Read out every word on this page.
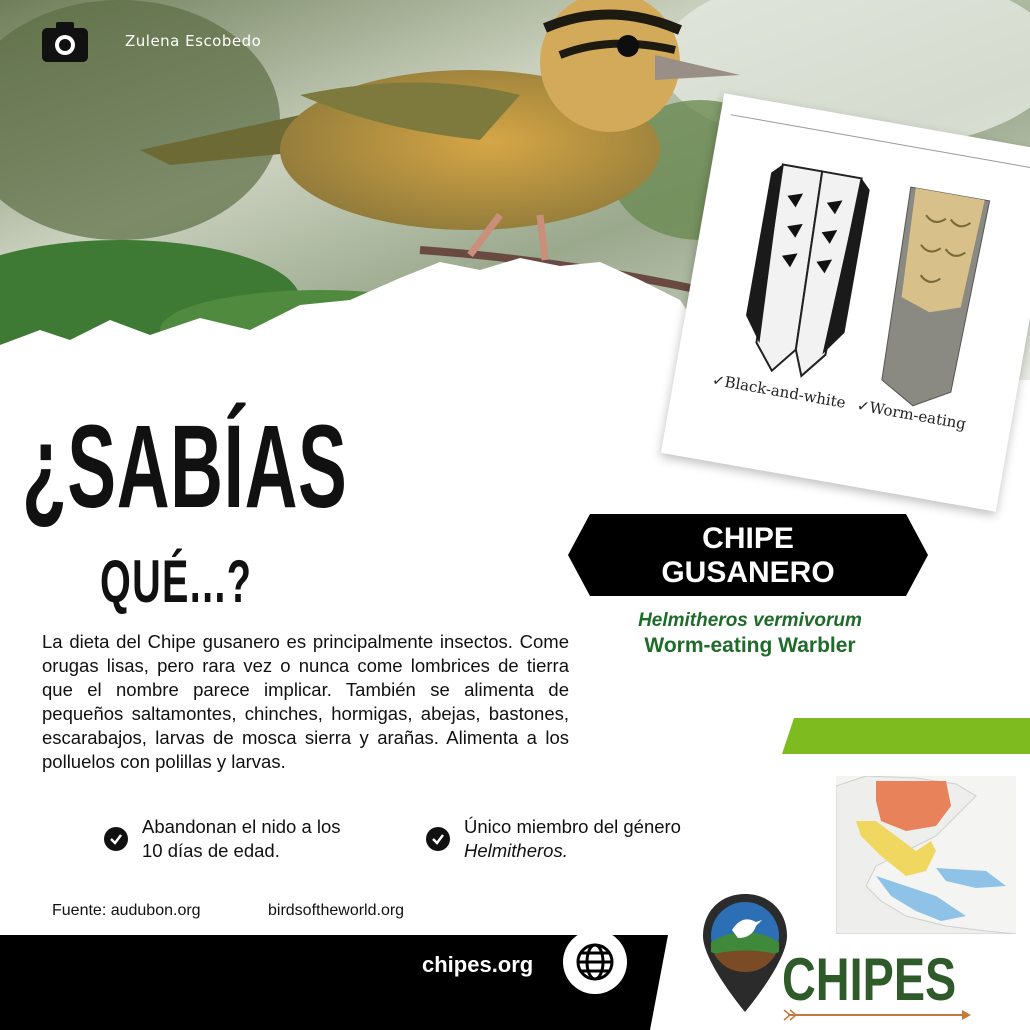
Zulena Escobedo
✓Black-and-white ✓Worm-eating
¿SABÍAS
QUÉ...?
CHIPE
GUSANERO
Helmitheros vermivorum
Worm-eating Warbler
La dieta del Chipe gusanero es principalmente insectos. Come orugas lisas, pero rara vez o nunca come lombrices de tierra que el nombre parece implicar. También se alimenta de pequeños saltamontes, chinches, hormigas, abejas, bastones, escarabajos, larvas de mosca sierra y arañas. Alimenta a los polluelos con polillas y larvas.
Abandonan el nido a los
10 días de edad.
Único miembro del género
Helmitheros.
Fuente: audubon.org	birdsoftheworld.org
chipes.org	CHIPES
